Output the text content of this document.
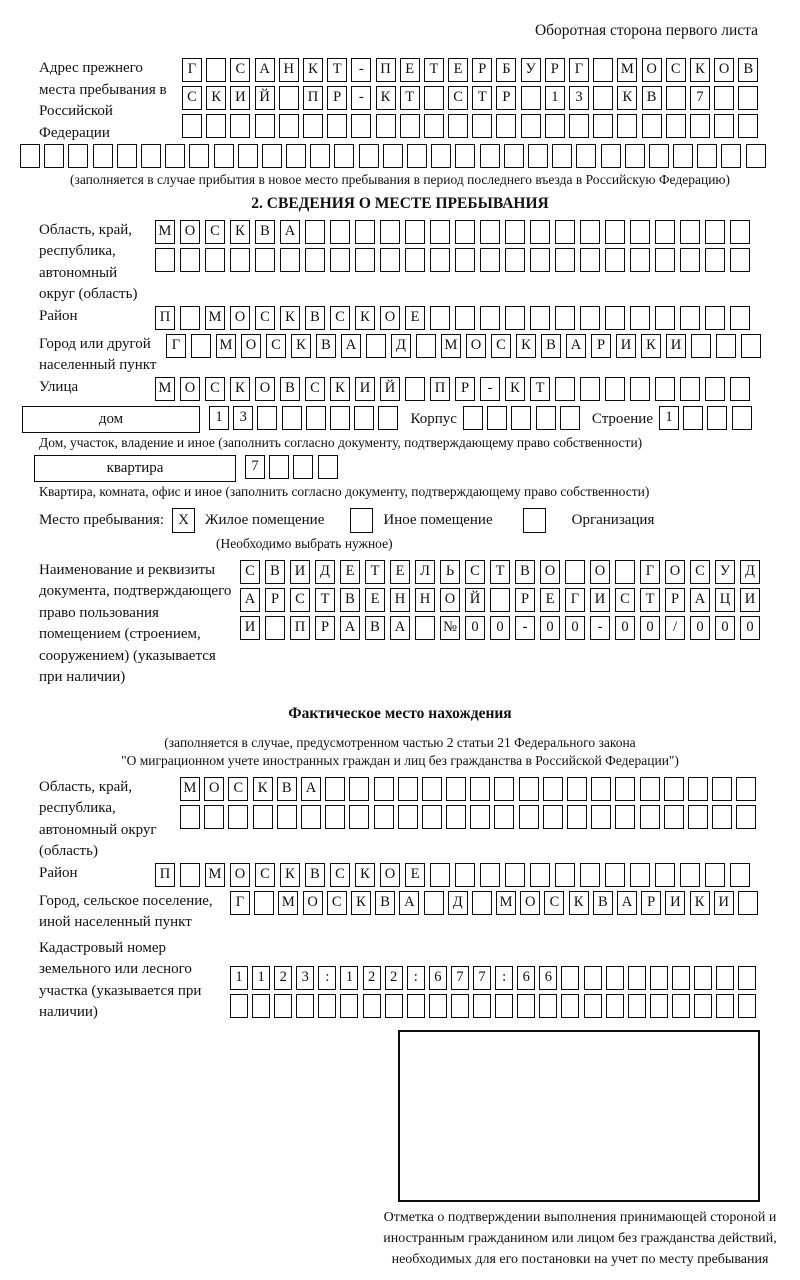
Оборотная сторона первого листа
Адрес прежнего места пребывания в Российской Федерации
Г	С А Н К	Т	-	П	Е	Т	Е	Р	Б	У	Р	Г	М О С	К О В
С	К И Й	П	Р	-	К	Т	С	Т	Р	1	3	К	В	7
(заполняется в случае прибытия в новое место пребывания в период последнего въезда в Российскую Федерацию)
2. СВЕДЕНИЯ О МЕСТЕ ПРЕБЫВАНИЯ
Область, край, республика, автономный округ (область)
М О	С	К	В	А
Район	П	М О	С	К	В	С	К	О	Е
Город или другой населенный пункт
Г	М О	С	К	В	А	Д	М О	С	К	В	А	Р	И	К	И
Улица	М О	С	К	О	В	С	К	И	Й	П	Р	-	К	Т
дом	1	3	Корпус	Строение 1
Дом, участок, владение и иное (заполнить согласно документу, подтверждающему право собственности)
квартира	7
Квартира, комната, офис и иное (заполнить согласно документу, подтверждающему право собственности)
Место пребывания: X	Жилое помещение	Иное помещение	Организация
(Необходимо выбрать нужное)
Наименование и реквизиты документа, подтверждающего право пользования помещением (строением, сооружением) (указывается при наличии)
С	В	И	Д	Е	Т	Е	Л	Ь	С	Т	В	О	О	Г	О	С	У	Д
А	Р	С	Т	В	Е	Н	Н	О	Й	Р	Е	Г	И	С	Т	Р	А	Ц	И
И	П	Р	А	В	А	№ 0	0	-	0	0	-	0	0	/	0	0	0
Фактическое место нахождения
(заполняется в случае, предусмотренном частью 2 статьи 21 Федерального закона
"О миграционном учете иностранных граждан и лиц без гражданства в Российской Федерации")
Область, край, республика, автономный округ (область)
М О С	К	В А
Район	П	М О	С	К	В	С	К	О	Е
Город, сельское поселение, иной населенный пункт
Г	М О С	К	В А	Д	М О С	К	В А	Р	И К И
Кадастровый номер земельного или лесного участка (указывается при наличии)
1	1	2	3	:	1	2	2	:	6	7	7	:	6	6
Отметка о подтверждении выполнения принимающей стороной и иностранным гражданином или лицом без гражданства действий, необходимых для его постановки на учет по месту пребывания
